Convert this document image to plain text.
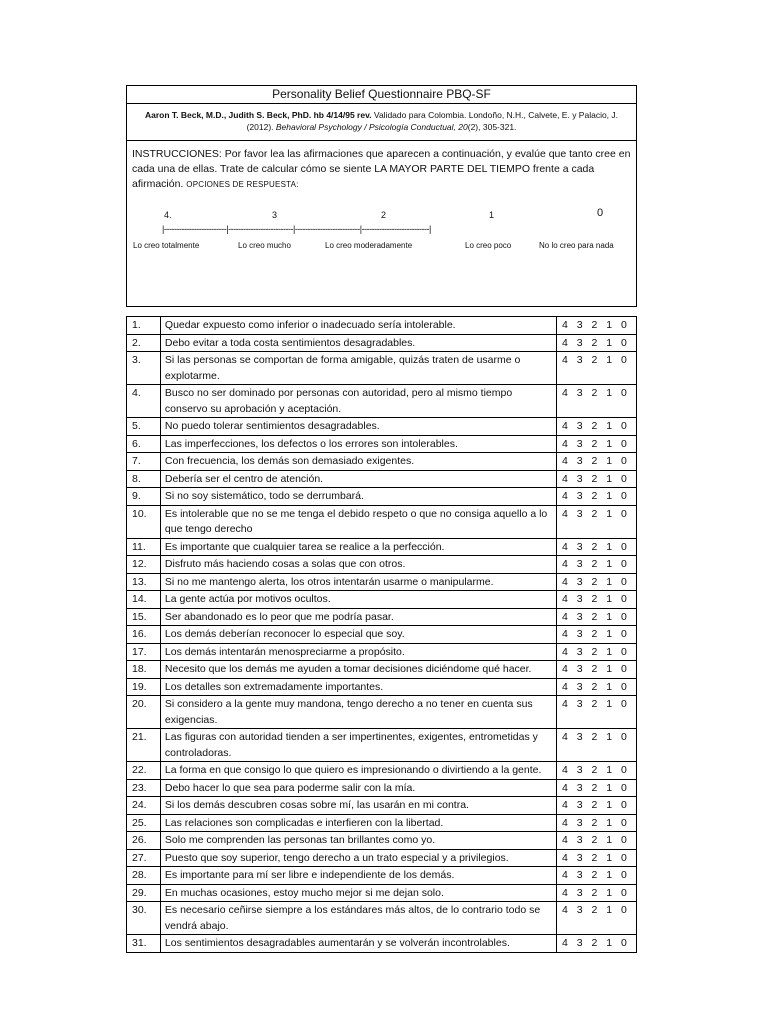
Personality Belief Questionnaire PBQ-SF
Aaron T. Beck, M.D., Judith S. Beck, PhD. hb 4/14/95 rev. Validado para Colombia. Londoño, N.H., Calvete, E. y Palacio, J. (2012). Behavioral Psychology / Psicología Conductual, 20(2), 305-321.
INSTRUCCIONES: Por favor lea las afirmaciones que aparecen a continuación, y evalúe que tanto cree en cada una de ellas. Trate de calcular cómo se siente LA MAYOR PARTE DEL TIEMPO frente a cada afirmación. OPCIONES DE RESPUESTA:
4.	3	2	1	0
|-------------------------|--------------------------|--------------------------|---------------------------|
Lo creo totalmente	Lo creo mucho	Lo creo moderadamente	Lo creo poco	No lo creo para nada
1.	Quedar expuesto como inferior o inadecuado sería intolerable.	4 3 2 1 0
2.	Debo evitar a toda costa sentimientos desagradables.	4 3 2 1 0
3.	Si las personas se comportan de forma amigable, quizás traten de usarme o explotarme.	4 3 2 1 0
4.	Busco no ser dominado por personas con autoridad, pero al mismo tiempo conservo su aprobación y aceptación.	4 3 2 1 0
5.	No puedo tolerar sentimientos desagradables.	4 3 2 1 0
6.	Las imperfecciones, los defectos o los errores son intolerables.	4 3 2 1 0
7.	Con frecuencia, los demás son demasiado exigentes.	4 3 2 1 0
8.	Debería ser el centro de atención.	4 3 2 1 0
9.	Si no soy sistemático, todo se derrumbará.	4 3 2 1 0
10.	Es intolerable que no se me tenga el debido respeto o que no consiga aquello a lo que tengo derecho	4 3 2 1 0
11.	Es importante que cualquier tarea se realice a la perfección.	4 3 2 1 0
12.	Disfruto más haciendo cosas a solas que con otros.	4 3 2 1 0
13.	Si no me mantengo alerta, los otros intentarán usarme o manipularme.	4 3 2 1 0
14.	La gente actúa por motivos ocultos.	4 3 2 1 0
15.	Ser abandonado es lo peor que me podría pasar.	4 3 2 1 0
16.	Los demás deberían reconocer lo especial que soy.	4 3 2 1 0
17.	Los demás intentarán menospreciarme a propósito.	4 3 2 1 0
18.	Necesito que los demás me ayuden a tomar decisiones diciéndome qué hacer.	4 3 2 1 0
19.	Los detalles son extremadamente importantes.	4 3 2 1 0
20.	Si considero a la gente muy mandona, tengo derecho a no tener en cuenta sus exigencias.	4 3 2 1 0
21.	Las figuras con autoridad tienden a ser impertinentes, exigentes, entrometidas y controladoras.	4 3 2 1 0
22.	La forma en que consigo lo que quiero es impresionando o divirtiendo a la gente.	4 3 2 1 0
23.	Debo hacer lo que sea para poderme salir con la mía.	4 3 2 1 0
24.	Si los demás descubren cosas sobre mí, las usarán en mi contra.	4 3 2 1 0
25.	Las relaciones son complicadas e interfieren con la libertad.	4 3 2 1 0
26.	Solo me comprenden las personas tan brillantes como yo.	4 3 2 1 0
27.	Puesto que soy superior, tengo derecho a un trato especial y a privilegios.	4 3 2 1 0
28.	Es importante para mí ser libre e independiente de los demás.	4 3 2 1 0
29.	En muchas ocasiones, estoy mucho mejor si me dejan solo.	4 3 2 1 0
30.	Es necesario ceñirse siempre a los estándares más altos, de lo contrario todo se vendrá abajo.	4 3 2 1 0
31.	Los sentimientos desagradables aumentarán y se volverán incontrolables.	4 3 2 1 0
